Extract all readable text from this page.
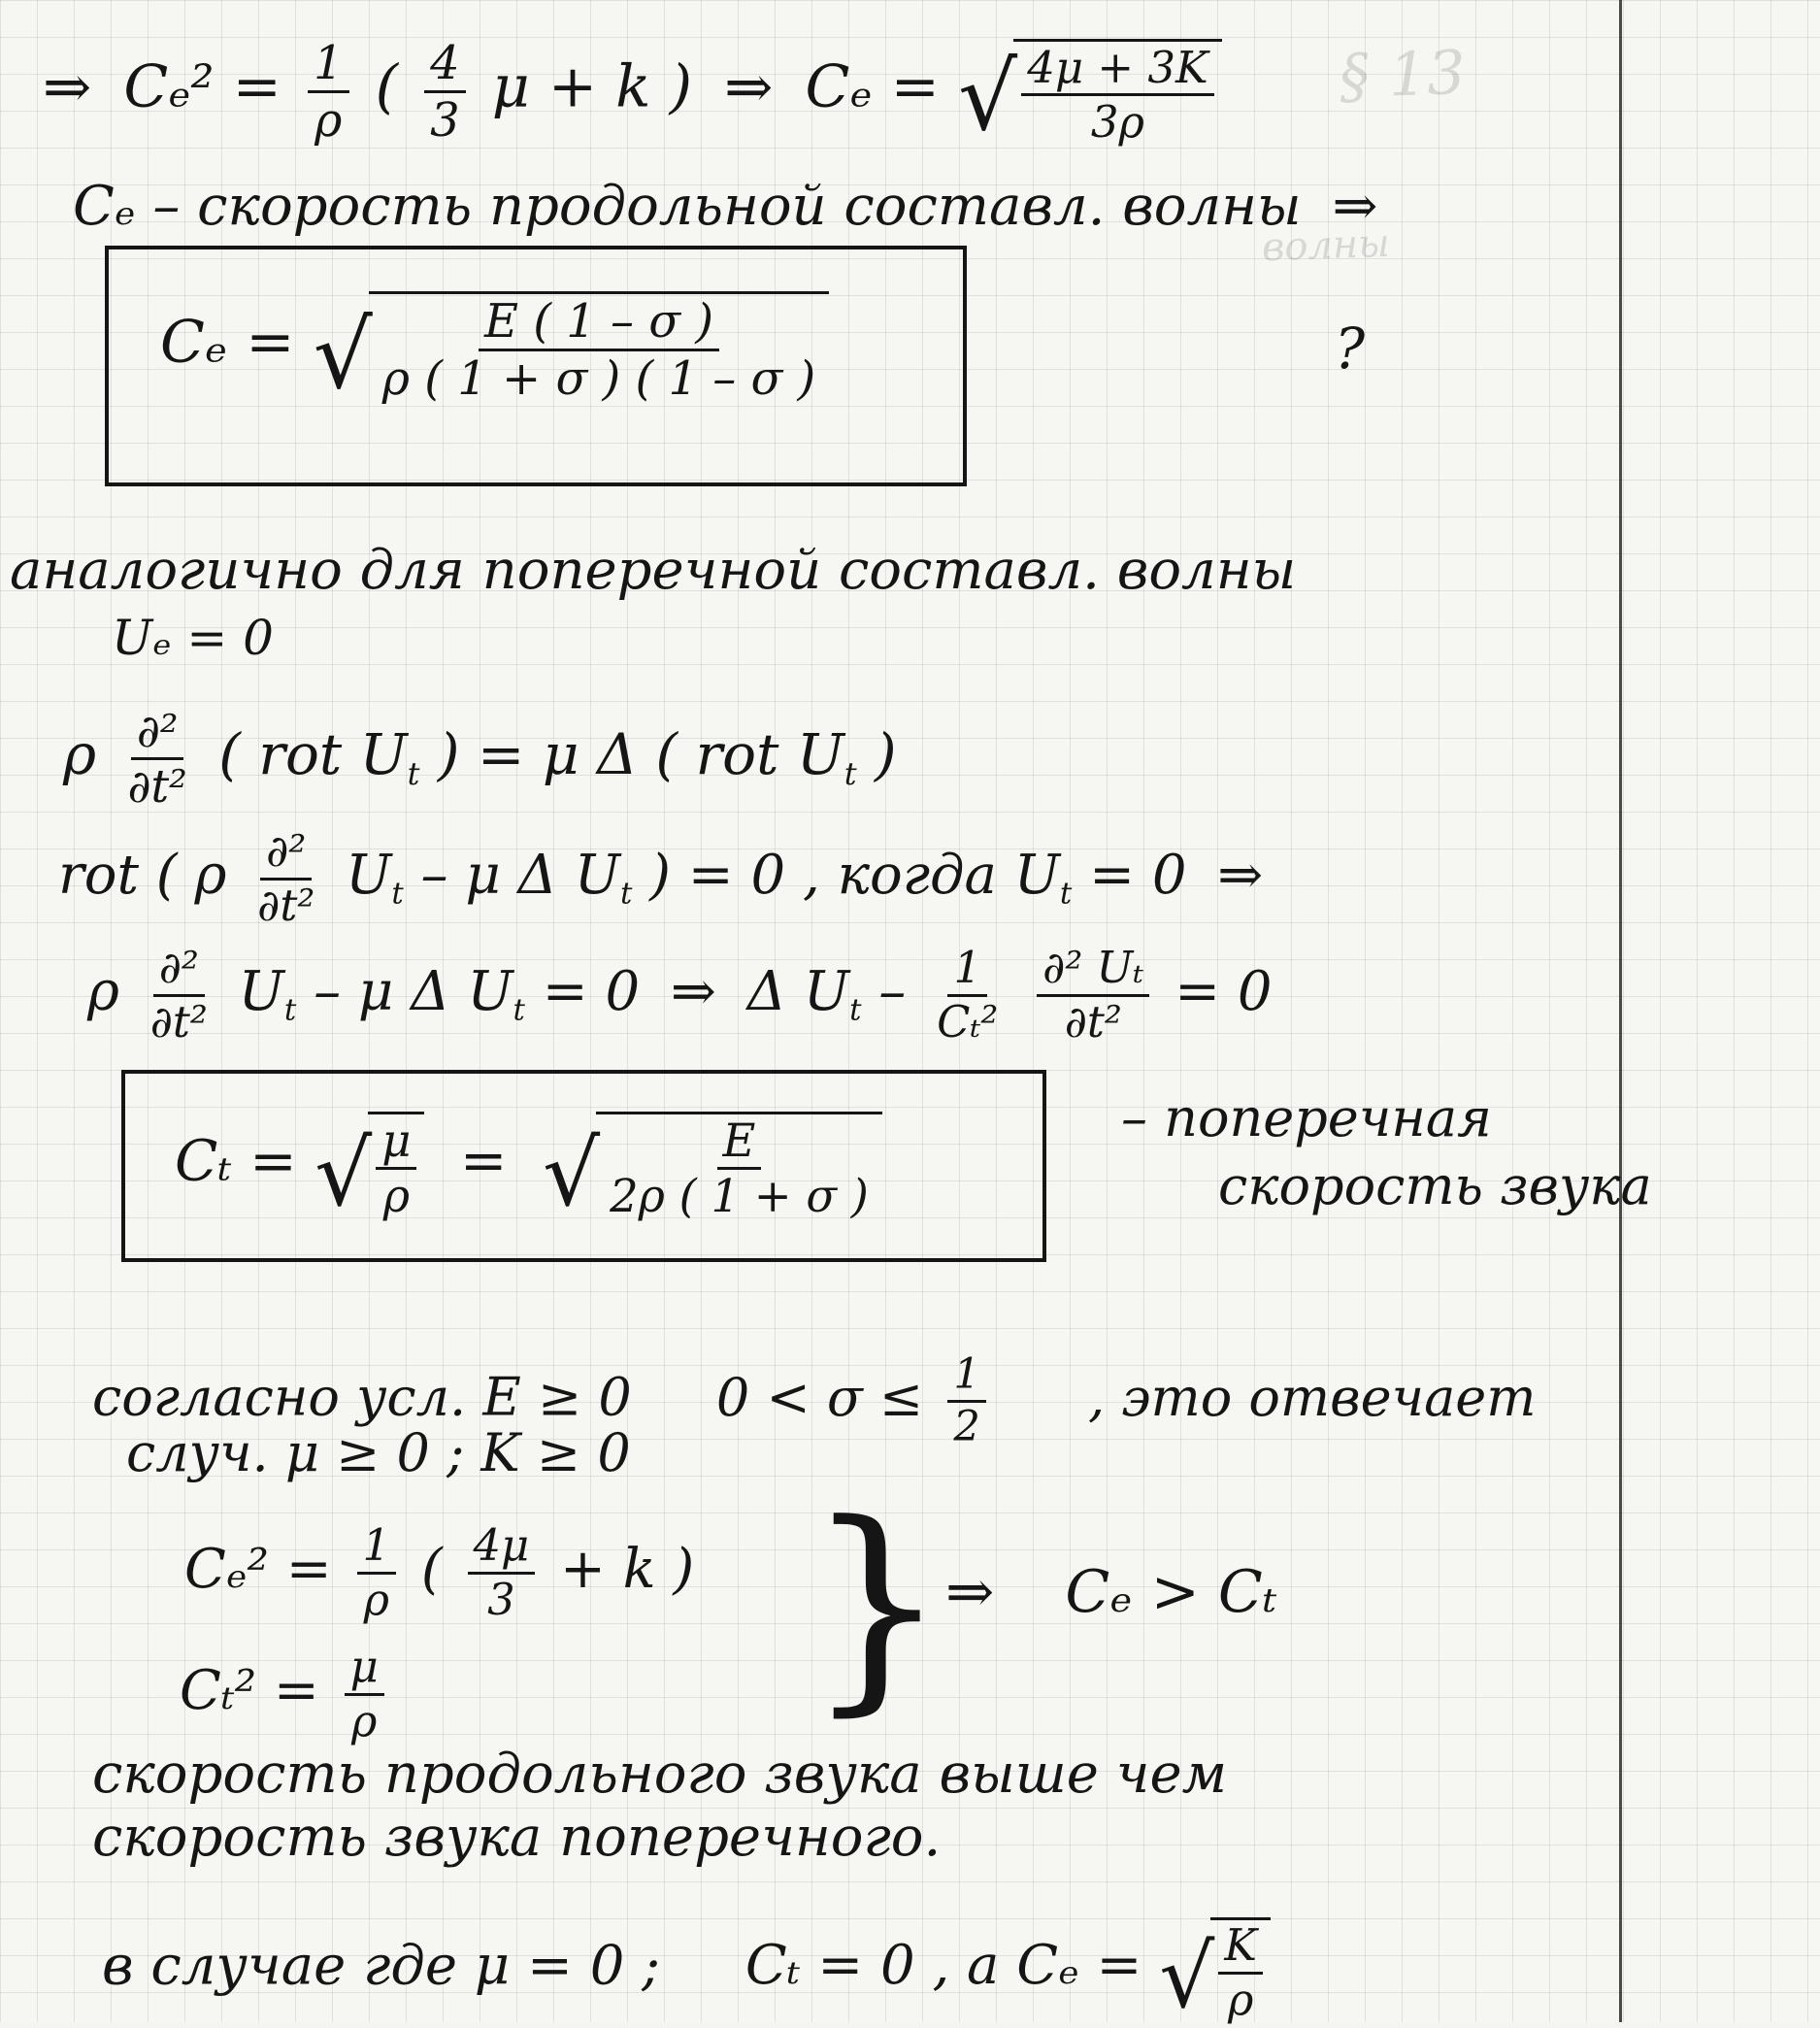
§ 13
волны
⇒ $C_e^2 = \frac{1}{\rho}$ ( $\frac{4}{3}$ μ + k ) ⇒ Cₑ = √ $\frac{4\mu + 3K}{3\rho}$
Cₑ – скорость продольной составл. волны ⇒
Cₑ = √ $\frac{E ( 1 - \sigma )}{\rho ( 1 + \sigma ) ( 1 - \sigma )}$	?
аналогично для поперечной составл. волны
Uₑ = 0
ρ $\frac{\text{∂²}}{\text{∂t²}}$ ( rot $U_t$ ) = μ Δ ( rot $U_t$ )
rot ( ρ $\frac{\text{∂²}}{\text{∂t²}} U_t$ – μ Δ $U_t$ ) = 0 , когда $U_t = 0$ ⇒
ρ $\frac{\text{∂²}}{\text{∂t²}} U_t$ – μ Δ $U_t = 0$ ⇒ Δ $U_t - \frac{1}{\text{Cₜ²}}$
$\frac{\text{∂² Uₜ}}{\text{∂t²}} = 0$
Cₜ = √ $\frac{\mu}{\rho}$ = √ $\frac{E}{2\rho ( 1 + \sigma )}$
– поперечная
скорость звука
согласно усл. E ≥ 0 $0 < \sigma \le \frac{1}{2}$ , это отвечает
случ. μ ≥ 0 ; K ≥ 0
$C_e^2 = \frac{1}{\rho}$ ( $\frac{4\mu}{3} + k$ )
$C_t^2 = \frac{\mu}{\rho}$ }
⇒ Cₑ > Cₜ
скорость продольного звука выше чем
скорость звука поперечного.
в случае где μ = 0 ; Cₜ = 0 , а Cₑ = √ $\frac{K}{\rho}$
